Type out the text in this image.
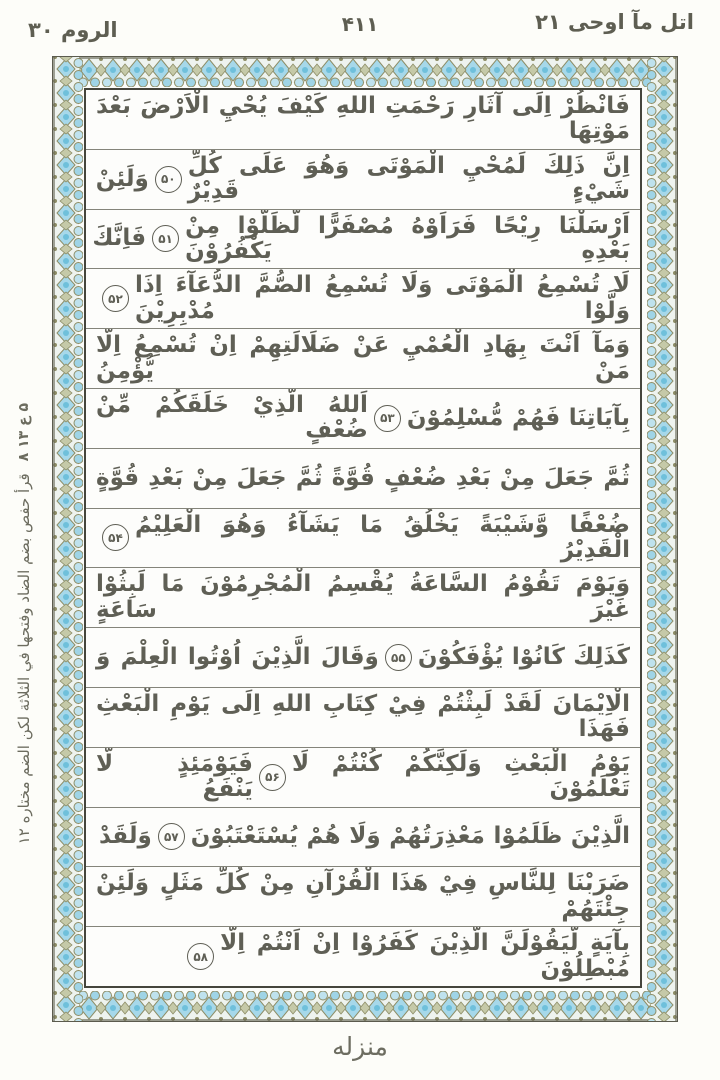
اتل مآ اوحی ۲۱
۴۱۱
الروم ۳۰
فَانْظُرْ اِلَى آثَارِ رَحْمَتِ اللهِ كَيْفَ يُحْيِ الْاَرْضَ بَعْدَ مَوْتِهَا
اِنَّ ذَلِكَ لَمُحْيِ الْمَوْتَى وَهُوَ عَلَى كُلِّ شَيْءٍ قَدِيْرٌ
۵۰
وَلَئِنْ
اَرْسَلْنَا رِيْحًا فَرَاَوْهُ مُصْفَرًّا لَّظَلُّوْا مِنْ بَعْدِهِ يَكْفُرُوْنَ
۵۱
فَاِنَّكَ
لَا تُسْمِعُ الْمَوْتَى وَلَا تُسْمِعُ الصُّمَّ الدُّعَآءَ اِذَا وَلَّوْا مُدْبِرِيْنَ
۵۲
وَمَآ اَنْتَ بِهَادِ الْعُمْيِ عَنْ ضَلَالَتِهِمْ اِنْ تُسْمِعُ اِلَّا مَنْ يُّؤْمِنُ
بِآيَاتِنَا فَهُمْ مُّسْلِمُوْنَ
۵۳
اَللهُ الَّذِيْ خَلَقَكُمْ مِّنْ ضُعْفٍ
ثُمَّ جَعَلَ مِنْ بَعْدِ ضُعْفٍ قُوَّةً ثُمَّ جَعَلَ مِنْ بَعْدِ قُوَّةٍ
ضُعْفًا وَّشَيْبَةً يَخْلُقُ مَا يَشَآءُ وَهُوَ الْعَلِيْمُ الْقَدِيْرُ
۵۴
وَيَوْمَ تَقُوْمُ السَّاعَةُ يُقْسِمُ الْمُجْرِمُوْنَ مَا لَبِثُوْا غَيْرَ سَاعَةٍ
كَذَلِكَ كَانُوْا يُؤْفَكُوْنَ
۵۵
وَقَالَ الَّذِيْنَ اُوْتُوا الْعِلْمَ وَ
الْاِيْمَانَ لَقَدْ لَبِثْتُمْ فِيْ كِتَابِ اللهِ اِلَى يَوْمِ الْبَعْثِ فَهَذَا
يَوْمُ الْبَعْثِ وَلَكِنَّكُمْ كُنْتُمْ لَا تَعْلَمُوْنَ
۵۶
فَيَوْمَئِذٍ لَّا يَنْفَعُ
الَّذِيْنَ ظَلَمُوْا مَعْذِرَتُهُمْ وَلَا هُمْ يُسْتَعْتَبُوْنَ
۵۷
وَلَقَدْ
ضَرَبْنَا لِلنَّاسِ فِيْ هَذَا الْقُرْآنِ مِنْ كُلِّ مَثَلٍ وَلَئِنْ جِئْتَهُمْ
بِآيَةٍ لَّيَقُوْلَنَّ الَّذِيْنَ كَفَرُوْا اِنْ اَنْتُمْ اِلَّا مُبْطِلُوْنَ
۵۸
۵ ع ۱۳ ۸
قرأ حفص بضم الضاد وفتحها في الثلاثة لكن الضم مختاره ۱۲
منزله
